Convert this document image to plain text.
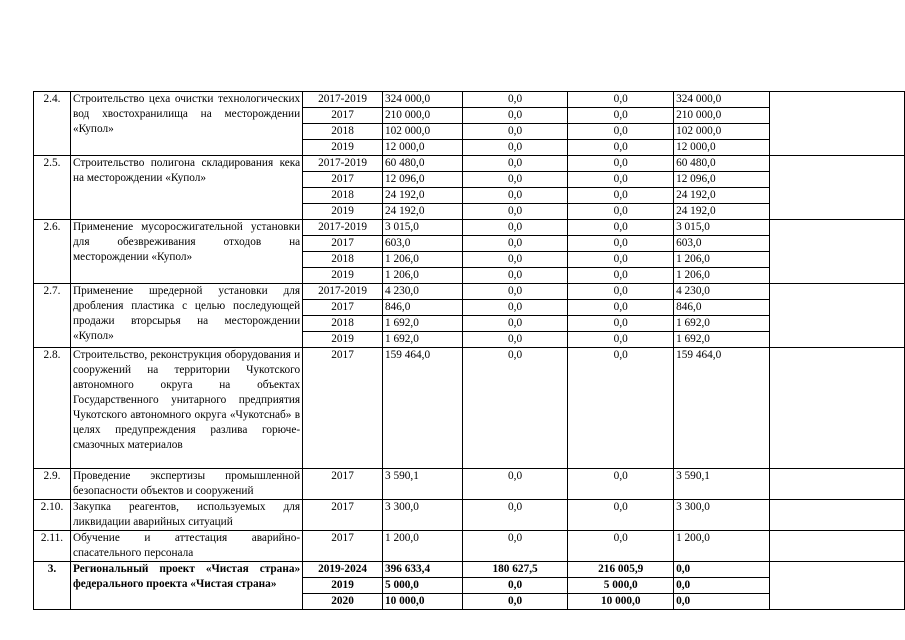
2.4.	Строительство цеха очистки технологических вод хвостохранилища на месторождении «Купол»	2017-2019	324 000,0	0,0	0,0	324 000,0	
		2017	210 000,0	0,0	0,0	210 000,0	
		2018	102 000,0	0,0	0,0	102 000,0	
		2019	12 000,0	0,0	0,0	12 000,0	
2.5.	Строительство полигона складирования кека на месторождении «Купол»	2017-2019	60 480,0	0,0	0,0	60 480,0	
		2017	12 096,0	0,0	0,0	12 096,0	
		2018	24 192,0	0,0	0,0	24 192,0	
		2019	24 192,0	0,0	0,0	24 192,0	
2.6.	Применение мусоросжигательной установки для обезвреживания отходов на месторождении «Купол»	2017-2019	3 015,0	0,0	0,0	3 015,0	
		2017	603,0	0,0	0,0	603,0	
		2018	1 206,0	0,0	0,0	1 206,0	
		2019	1 206,0	0,0	0,0	1 206,0	
2.7.	Применение шредерной установки для дробления пластика с целью последующей продажи вторсырья на месторождении «Купол»	2017-2019	4 230,0	0,0	0,0	4 230,0	
		2017	846,0	0,0	0,0	846,0	
		2018	1 692,0	0,0	0,0	1 692,0	
		2019	1 692,0	0,0	0,0	1 692,0	
2.8.	Строительство, реконструкция оборудования и сооружений на территории Чукотского автономного округа на объектах Государственного унитарного предприятия Чукотского автономного округа «Чукотснаб» в целях предупреждения разлива горюче-смазочных материалов	2017	159 464,0	0,0	0,0	159 464,0	
2.9.	Проведение экспертизы промышленной безопасности объектов и сооружений	2017	3 590,1	0,0	0,0	3 590,1	
2.10.	Закупка реагентов, используемых для ликвидации аварийных ситуаций	2017	3 300,0	0,0	0,0	3 300,0	
2.11.	Обучение и аттестация аварийно-спасательного персонала	2017	1 200,0	0,0	0,0	1 200,0	
3.	Региональный проект «Чистая страна» федерального проекта «Чистая страна»	2019-2024	396 633,4	180 627,5	216 005,9	0,0	
		2019	5 000,0	0,0	5 000,0	0,0	
		2020	10 000,0	0,0	10 000,0	0,0	
